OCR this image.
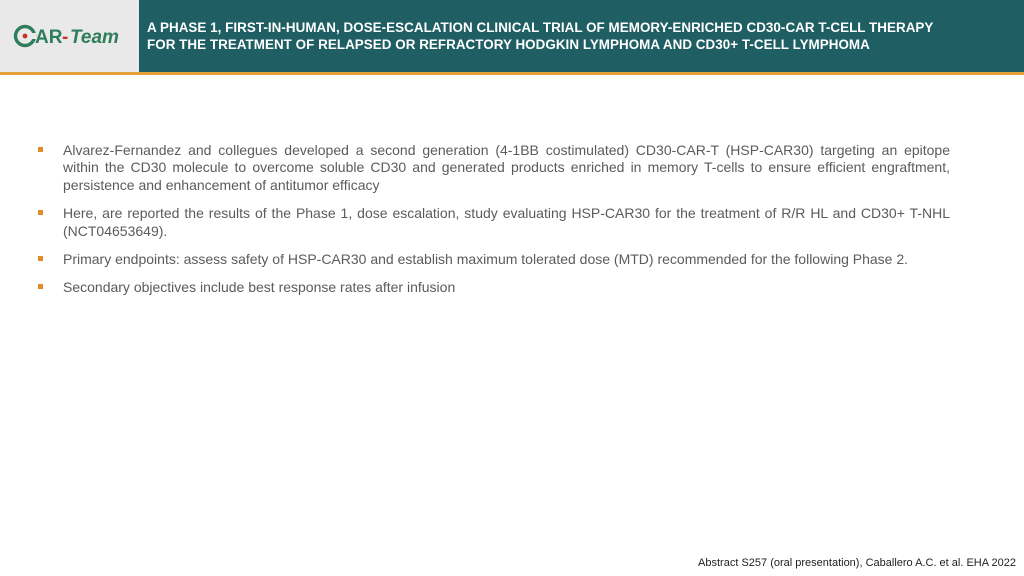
AR - Team A PHASE 1, FIRST-IN-HUMAN, DOSE-ESCALATION CLINICAL TRIAL OF MEMORY-ENRICHED CD30-CAR T-CELL THERAPY
FOR THE TREATMENT OF RELAPSED OR REFRACTORY HODGKIN LYMPHOMA AND CD30+ T-CELL LYMPHOMA
Alvarez-Fernandez and collegues developed a second generation (4-1BB costimulated) CD30-CAR-T (HSP-CAR30) targeting an epitope within the CD30 molecule to overcome soluble CD30 and generated products enriched in memory T-cells to ensure efficient engraftment, persistence and enhancement of antitumor efficacy
Here, are reported the results of the Phase 1, dose escalation, study evaluating HSP-CAR30 for the treatment of R/R HL and CD30+ T-NHL (NCT04653649).
Primary endpoints: assess safety of HSP-CAR30 and establish maximum tolerated dose (MTD) recommended for the following Phase 2.
Secondary objectives include best response rates after infusion
Abstract S257 (oral presentation), Caballero A.C. et al. EHA 2022
